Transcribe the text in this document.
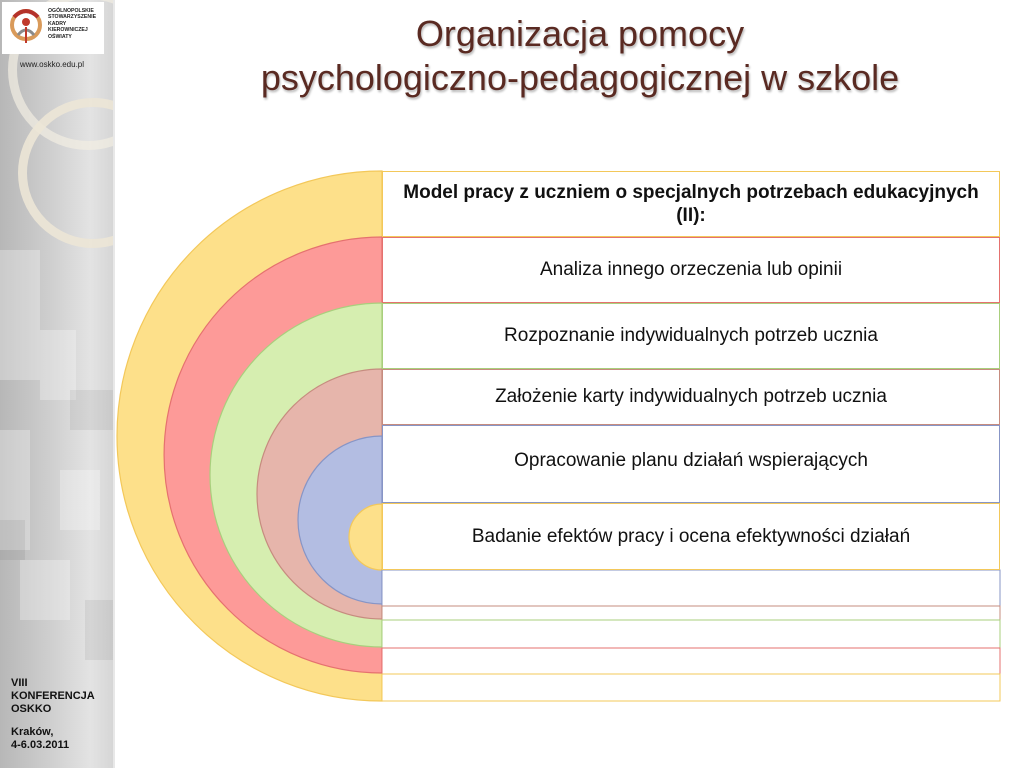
OGÓLNOPOLSKIE
STOWARZYSZENIE
KADRY
KIEROWNICZEJ
OŚWIATY
www.oskko.edu.pl
VIII
KONFERENCJA
OSKKO
Kraków,
4-6.03.2011
Organizacja pomocy
psychologiczno-pedagogicznej w szkole
Model pracy z uczniem o specjalnych potrzebach edukacyjnych (II):
Analiza innego orzeczenia lub opinii
Rozpoznanie indywidualnych potrzeb ucznia
Założenie karty indywidualnych potrzeb ucznia
Opracowanie planu działań wspierających
Badanie efektów pracy i ocena efektywności działań
